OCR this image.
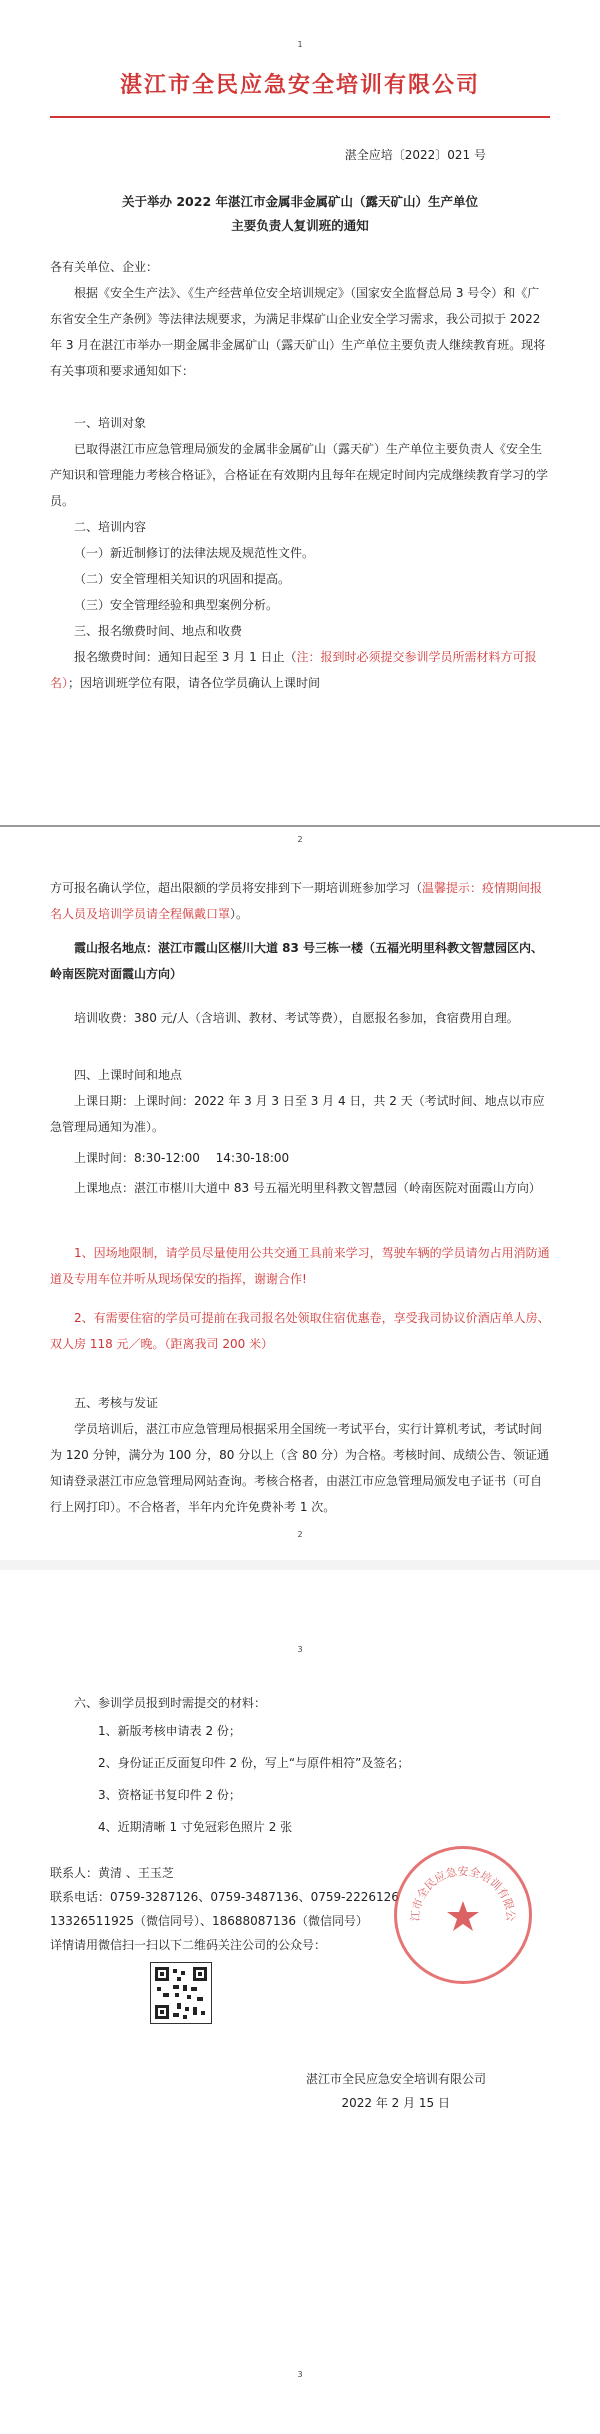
1
湛江市全民应急安全培训有限公司
湛全应培〔2022〕021 号
关于举办 2022 年湛江市金属非金属矿山（露天矿山）生产单位
主要负责人复训班的通知
各有关单位、企业：
根据《安全生产法》、《生产经营单位安全培训规定》（国家安全监督总局 3 号令）和《广东省安全生产条例》等法律法规要求，为满足非煤矿山企业安全学习需求，我公司拟于 2022 年 3 月在湛江市举办一期金属非金属矿山（露天矿山）生产单位主要负责人继续教育班。现将有关事项和要求通知如下：
一、培训对象
已取得湛江市应急管理局颁发的金属非金属矿山（露天矿）生产单位主要负责人《安全生产知识和管理能力考核合格证》，合格证在有效期内且每年在规定时间内完成继续教育学习的学员。
二、培训内容
（一）新近制修订的法律法规及规范性文件。
（二）安全管理相关知识的巩固和提高。
（三）安全管理经验和典型案例分析。
三、报名缴费时间、地点和收费
报名缴费时间：通知日起至 3 月 1 日止（注：报到时必须提交参训学员所需材料方可报名）；因培训班学位有限，请各位学员确认上课时间
2
方可报名确认学位，超出限额的学员将安排到下一期培训班参加学习（温馨提示：疫情期间报名人员及培训学员请全程佩戴口罩）。
霞山报名地点：湛江市霞山区椹川大道 83 号三栋一楼（五福光明里科教文智慧园区内、岭南医院对面霞山方向）
培训收费：380 元/人（含培训、教材、考试等费），自愿报名参加，食宿费用自理。
四、上课时间和地点
上课日期：上课时间：2022 年 3 月 3 日至 3 月 4 日，共 2 天（考试时间、地点以市应急管理局通知为准）。
上课时间：8:30-12:00　 14:30-18:00
上课地点：湛江市椹川大道中 83 号五福光明里科教文智慧园（岭南医院对面霞山方向）
1、因场地限制，请学员尽量使用公共交通工具前来学习，驾驶车辆的学员请勿占用消防通道及专用车位并听从现场保安的指挥，谢谢合作!
2、有需要住宿的学员可提前在我司报名处领取住宿优惠卷，享受我司协议价酒店单人房、双人房 118 元／晚。（距离我司 200 米）
五、考核与发证
学员培训后，湛江市应急管理局根据采用全国统一考试平台，实行计算机考试，考试时间为 120 分钟，满分为 100 分，80 分以上（含 80 分）为合格。考核时间、成绩公告、领证通知请登录湛江市应急管理局网站查询。考核合格者，由湛江市应急管理局颁发电子证书（可自行上网打印）。不合格者，半年内允许免费补考 1 次。
2
3
六、参训学员报到时需提交的材料：
1、新版考核申请表 2 份；
2、身份证正反面复印件 2 份，写上“与原件相符”及签名；
3、资格证书复印件 2 份；
4、近期清晰 1 寸免冠彩色照片 2 张
联系人：黄清 、王玉芝
联系电话：0759-3287126、0759-3487136、0759-2226126
13326511925（微信同号）、18688087136（微信同号）
详情请用微信扫一扫以下二维码关注公司的公众号：
江市全民应急安全培训有限公
湛江市全民应急安全培训有限公司
2022 年 2 月 15 日
3
